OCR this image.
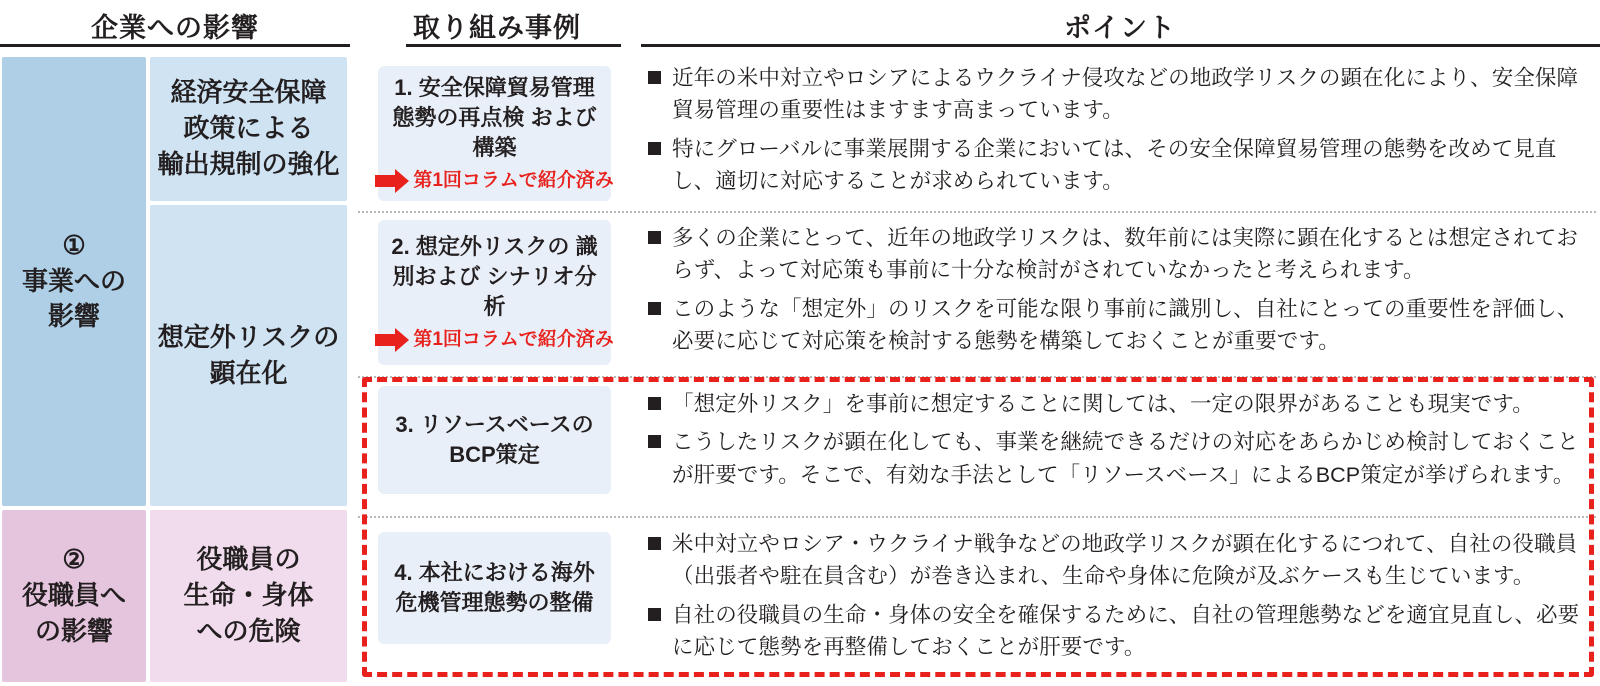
企業への影響	取り組み事例	ポイント
①
事業への
影響
②
役職員へ
の影響
経済安全保障
政策による
輸出規制の強化
想定外リスクの
顕在化
役職員の
生命・身体
への危険
1. 安全保障貿易管理 態勢の再点検 および構築
第1回コラムで紹介済み
2. 想定外リスクの 識別および シナリオ分析
第1回コラムで紹介済み
3. リソースベースの BCP策定
4. 本社における海外 危機管理態勢の整備
近年の米中対立やロシアによるウクライナ侵攻などの地政学リスクの顕在化により、安全保障貿易管理の重要性はますます高まっています。
特にグローバルに事業展開する企業においては、その安全保障貿易管理の態勢を改めて見直し、適切に対応することが求められています。
多くの企業にとって、近年の地政学リスクは、数年前には実際に顕在化するとは想定されておらず、よって対応策も事前に十分な検討がされていなかったと考えられます。
このような「想定外」のリスクを可能な限り事前に識別し、自社にとっての重要性を評価し、必要に応じて対応策を検討する態勢を構築しておくことが重要です。
「想定外リスク」を事前に想定することに関しては、一定の限界があることも現実です。
こうしたリスクが顕在化しても、事業を継続できるだけの対応をあらかじめ検討しておくことが肝要です。そこで、有効な手法として「リソースベース」によるBCP策定が挙げられます。
米中対立やロシア・ウクライナ戦争などの地政学リスクが顕在化するにつれて、自社の役職員（出張者や駐在員含む）が巻き込まれ、生命や身体に危険が及ぶケースも生じています。
自社の役職員の生命・身体の安全を確保するために、自社の管理態勢などを適宜見直し、必要に応じて態勢を再整備しておくことが肝要です。
